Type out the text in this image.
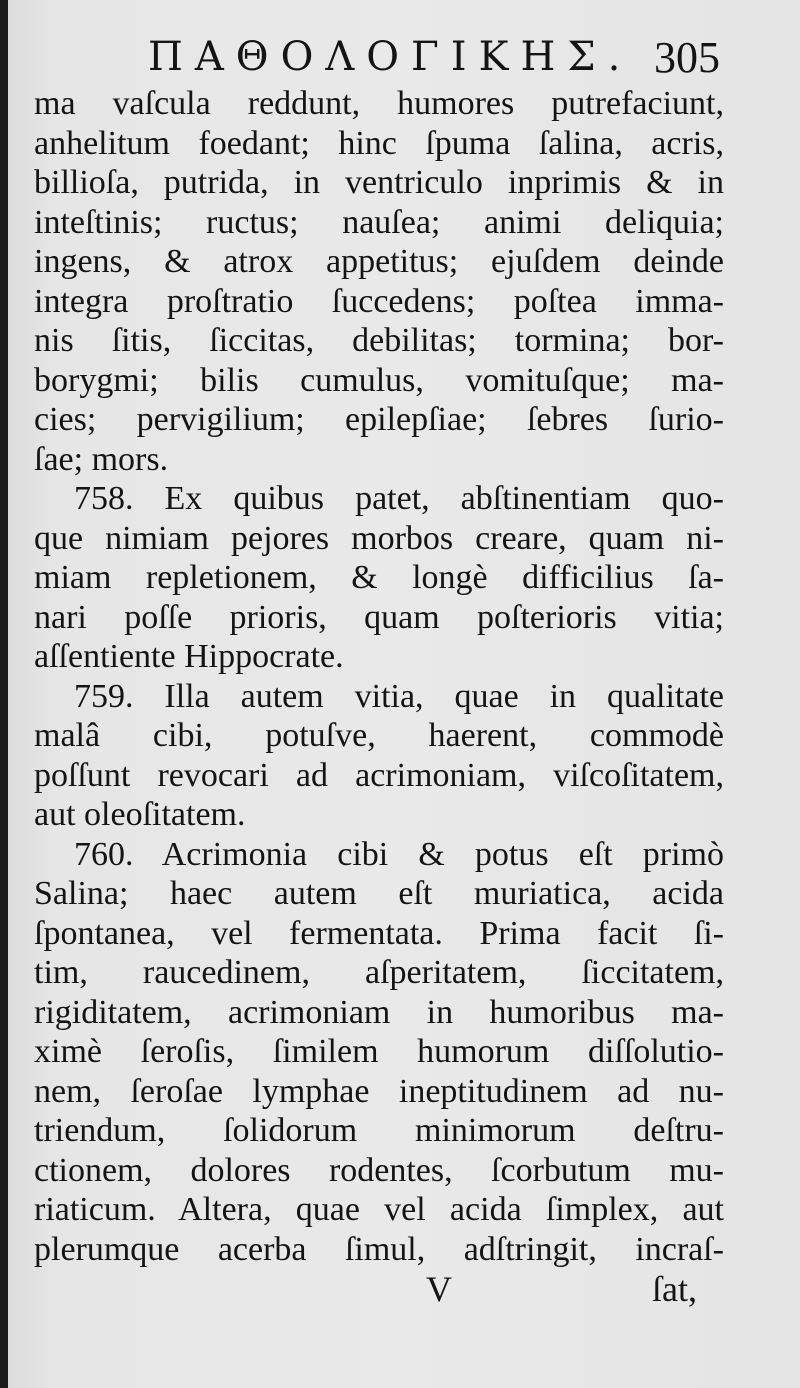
ΠΑΘΟΛΟΓΙΚΗΣ. 305
ma vaſcula reddunt, humores putrefaciunt,
anhelitum foedant; hinc ſpuma ſalina, acris,
billioſa, putrida, in ventriculo inprimis & in
inteſtinis; ructus; nauſea; animi deliquia;
ingens, & atrox appetitus; ejuſdem deinde
integra proſtratio ſuccedens; poſtea imma-
nis ſitis, ſiccitas, debilitas; tormina; bor-
borygmi; bilis cumulus, vomituſque; ma-
cies; pervigilium; epilepſiae; ſebres ſurio-
ſae; mors.
758. Ex quibus patet, abſtinentiam quo-
que nimiam pejores morbos creare, quam ni-
miam repletionem, & longè difficilius ſa-
nari poſſe prioris, quam poſterioris vitia;
aſſentiente Hippocrate.
759. Illa autem vitia, quae in qualitate
malâ cibi, potuſve, haerent, commodè
poſſunt revocari ad acrimoniam, viſcoſitatem,
aut oleoſitatem.
760. Acrimonia cibi & potus eſt primò
Salina; haec autem eſt muriatica, acida
ſpontanea, vel fermentata. Prima facit ſi-
tim, raucedinem, aſperitatem, ſiccitatem,
rigiditatem, acrimoniam in humoribus ma-
ximè ſeroſis, ſimilem humorum diſſolutio-
nem, ſeroſae lymphae ineptitudinem ad nu-
triendum, ſolidorum minimorum deſtru-
ctionem, dolores rodentes, ſcorbutum mu-
riaticum. Altera, quae vel acida ſimplex, aut
plerumque acerba ſimul, adſtringit, incraſ-
V	ſat,
